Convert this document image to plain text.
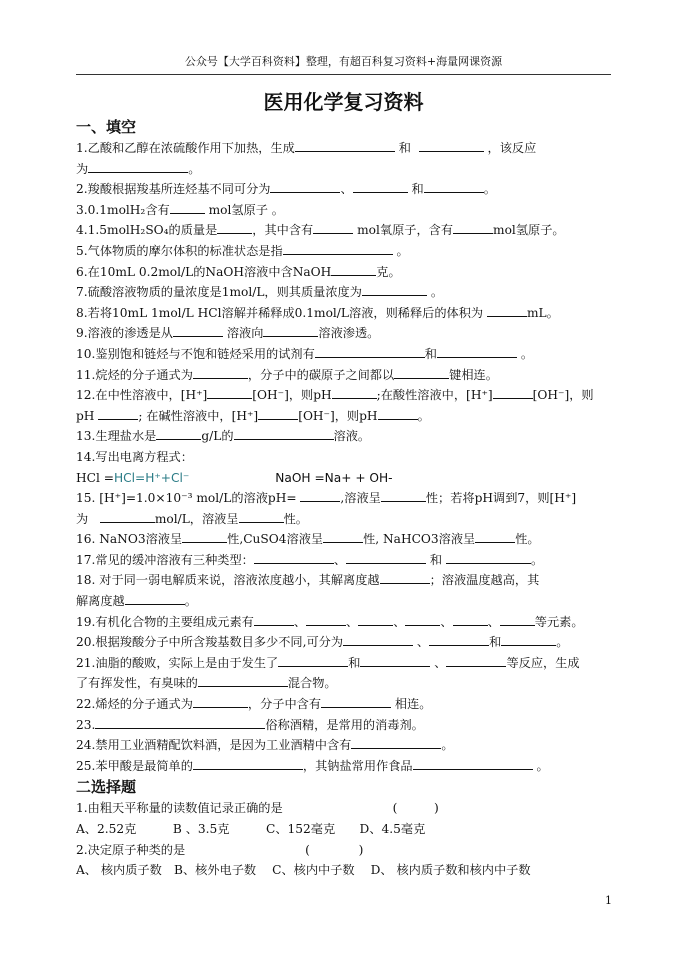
公众号【大学百科资料】整理，有超百科复习资料+海量网课资源
医用化学复习资料
一、填空
1.乙酸和乙醇在浓硫酸作用下加热，生成	和	，该反应
为	。
2.羧酸根据羧基所连烃基不同可分为	、	和	。
3.0.1molH₂含有	mol氢原子 。
4.1.5molH₂SO₄的质量是	，其中含有	mol氧原子，含有	mol氢原子。
5.气体物质的摩尔体积的标准状态是指	。
6.在10mL 0.2mol/L的NaOH溶液中含NaOH	克。
7.硫酸溶液物质的量浓度是1mol/L，则其质量浓度为	。
8.若将10mL 1mol/L HCl溶解并稀释成0.1mol/L溶液，则稀释后的体积为	mL。
9.溶液的渗透是从	溶液向	溶液渗透。
10.鉴别饱和链烃与不饱和链烃采用的试剂有	和	。
11.烷烃的分子通式为	，分子中的碳原子之间都以	键相连。
12.在中性溶液中，[H⁺]	[OH⁻]，则pH	;在酸性溶液中，[H⁺]	[OH⁻]，则
pH	; 在碱性溶液中，[H⁺]	[OH⁻]，则pH	。
13.生理盐水是	g/L的	溶液。
14.写出电离方程式：
HCl =HCl=H⁺+Cl⁻	NaOH =Na+ + OH-
15. [H⁺]=1.0×10⁻³ mol/L的溶液pH=	,溶液呈	性；若将pH调到7，则[H⁺]
为	mol/L，溶液呈	性。
16. NaNO3溶液呈	性,CuSO4溶液呈	性, NaHCO3溶液呈	性。
17.常见的缓冲溶液有三种类型：	、	和	。
18. 对于同一弱电解质来说，溶液浓度越小，其解离度越	；溶液温度越高，其
解离度越	。
19.有机化合物的主要组成元素有	、	、	、	、	、	等元素。
20.根据羧酸分子中所含羧基数目多少不同,可分为	、	和	。
21.油脂的酸败，实际上是由于发生了	和	、	等反应，生成
了有挥发性，有臭味的	混合物。
22.烯烃的分子通式为	，分子中含有	相连。
23.	俗称酒精，是常用的消毒剂。
24.禁用工业酒精配饮料酒，是因为工业酒精中含有	。
25.苯甲酸是最简单的	，其钠盐常用作食品	。
二选择题
1.由粗天平称量的读数值记录正确的是	(　　　)
A、2.52克　　　B 、3.5克　　　C、152毫克　　D、4.5毫克
2.决定原子种类的是	(　　　　)
A、 核内质子数　B、核外电子数　 C、核内中子数　 D、 核内质子数和核内中子数
1
